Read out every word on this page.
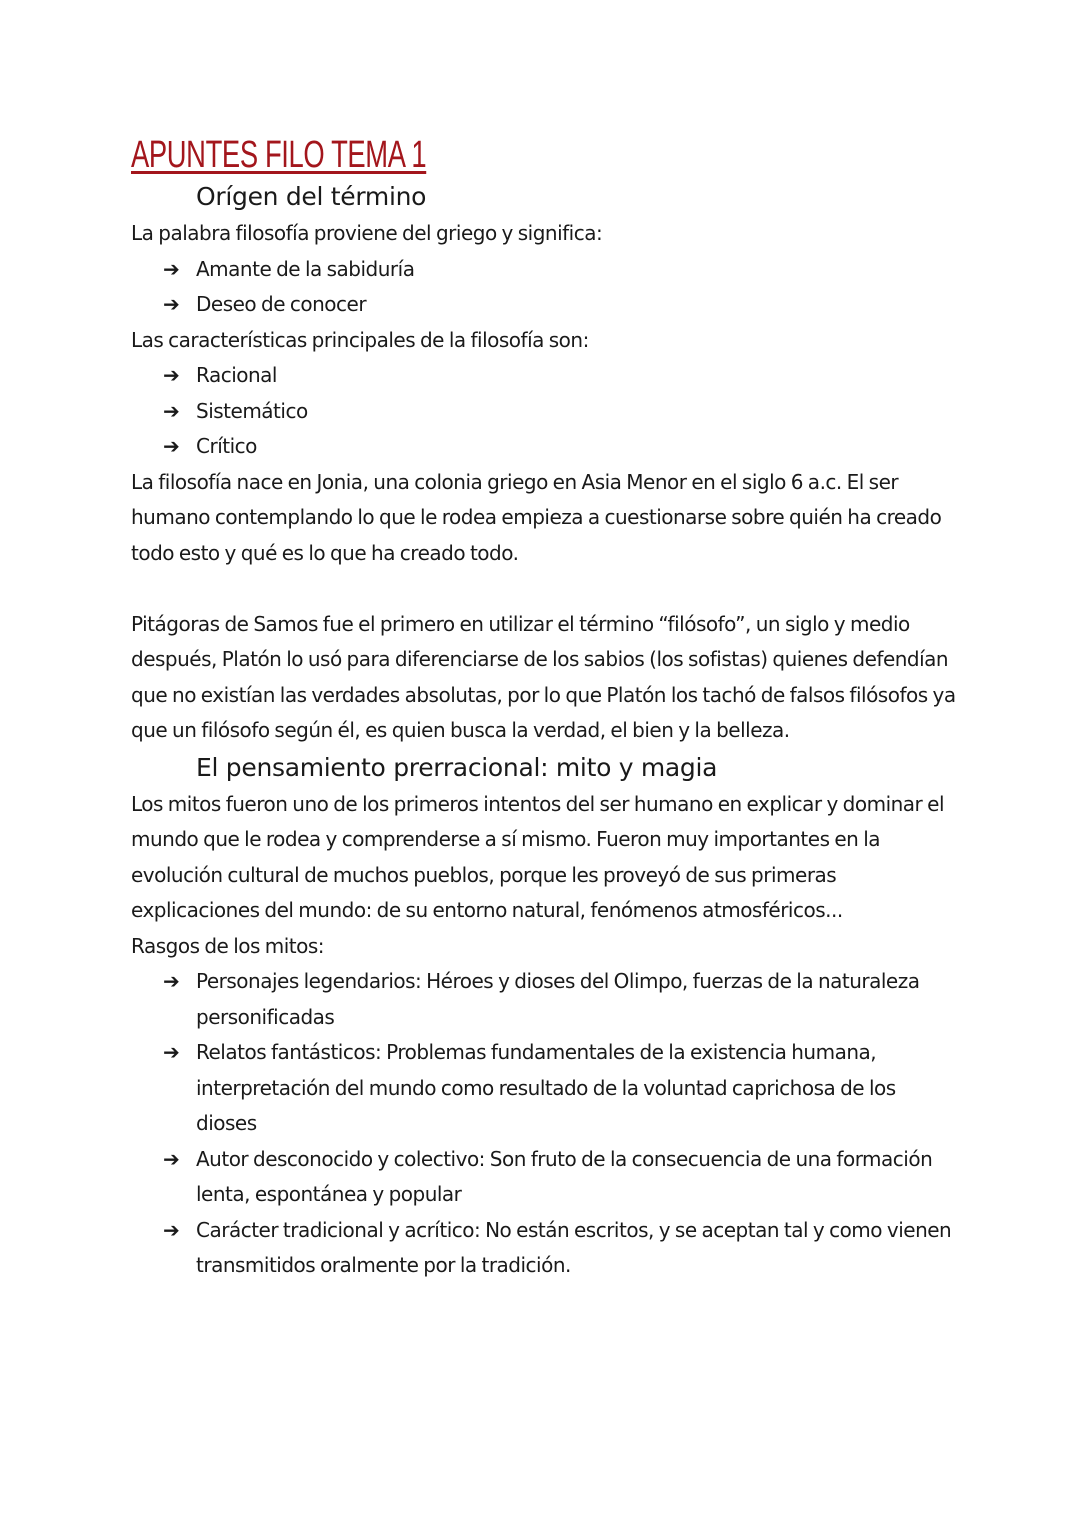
APUNTES FILO TEMA 1
Orígen del término

La palabra filosofía proviene del griego y significa:

➔ Amante de la sabiduría
➔ Deseo de conocer

Las características principales de la filosofía son:

➔ Racional
➔ Sistemático
➔ Crítico

La filosofía nace en Jonia, una colonia griego en Asia Menor en el siglo 6 a.c. El ser humano contemplando lo que le rodea empieza a cuestionarse sobre quién ha creado todo esto y qué es lo que ha creado todo.

Pitágoras de Samos fue el primero en utilizar el término “filósofo”, un siglo y medio después, Platón lo usó para diferenciarse de los sabios (los sofistas) quienes defendían que no existían las verdades absolutas, por lo que Platón los tachó de falsos filósofos ya que un filósofo según él, es quien busca la verdad, el bien y la belleza.

El pensamiento prerracional: mito y magia

Los mitos fueron uno de los primeros intentos del ser humano en explicar y dominar el mundo que le rodea y comprenderse a sí mismo. Fueron muy importantes en la evolución cultural de muchos pueblos, porque les proveyó de sus primeras explicaciones del mundo: de su entorno natural, fenómenos atmosféricos...

Rasgos de los mitos:

➔ Personajes legendarios: Héroes y dioses del Olimpo, fuerzas de la naturaleza personificadas
➔ Relatos fantásticos: Problemas fundamentales de la existencia humana, interpretación del mundo como resultado de la voluntad caprichosa de los dioses
➔ Autor desconocido y colectivo: Son fruto de la consecuencia de una formación lenta, espontánea y popular
➔ Carácter tradicional y acrítico: No están escritos, y se aceptan tal y como vienen transmitidos oralmente por la tradición.
